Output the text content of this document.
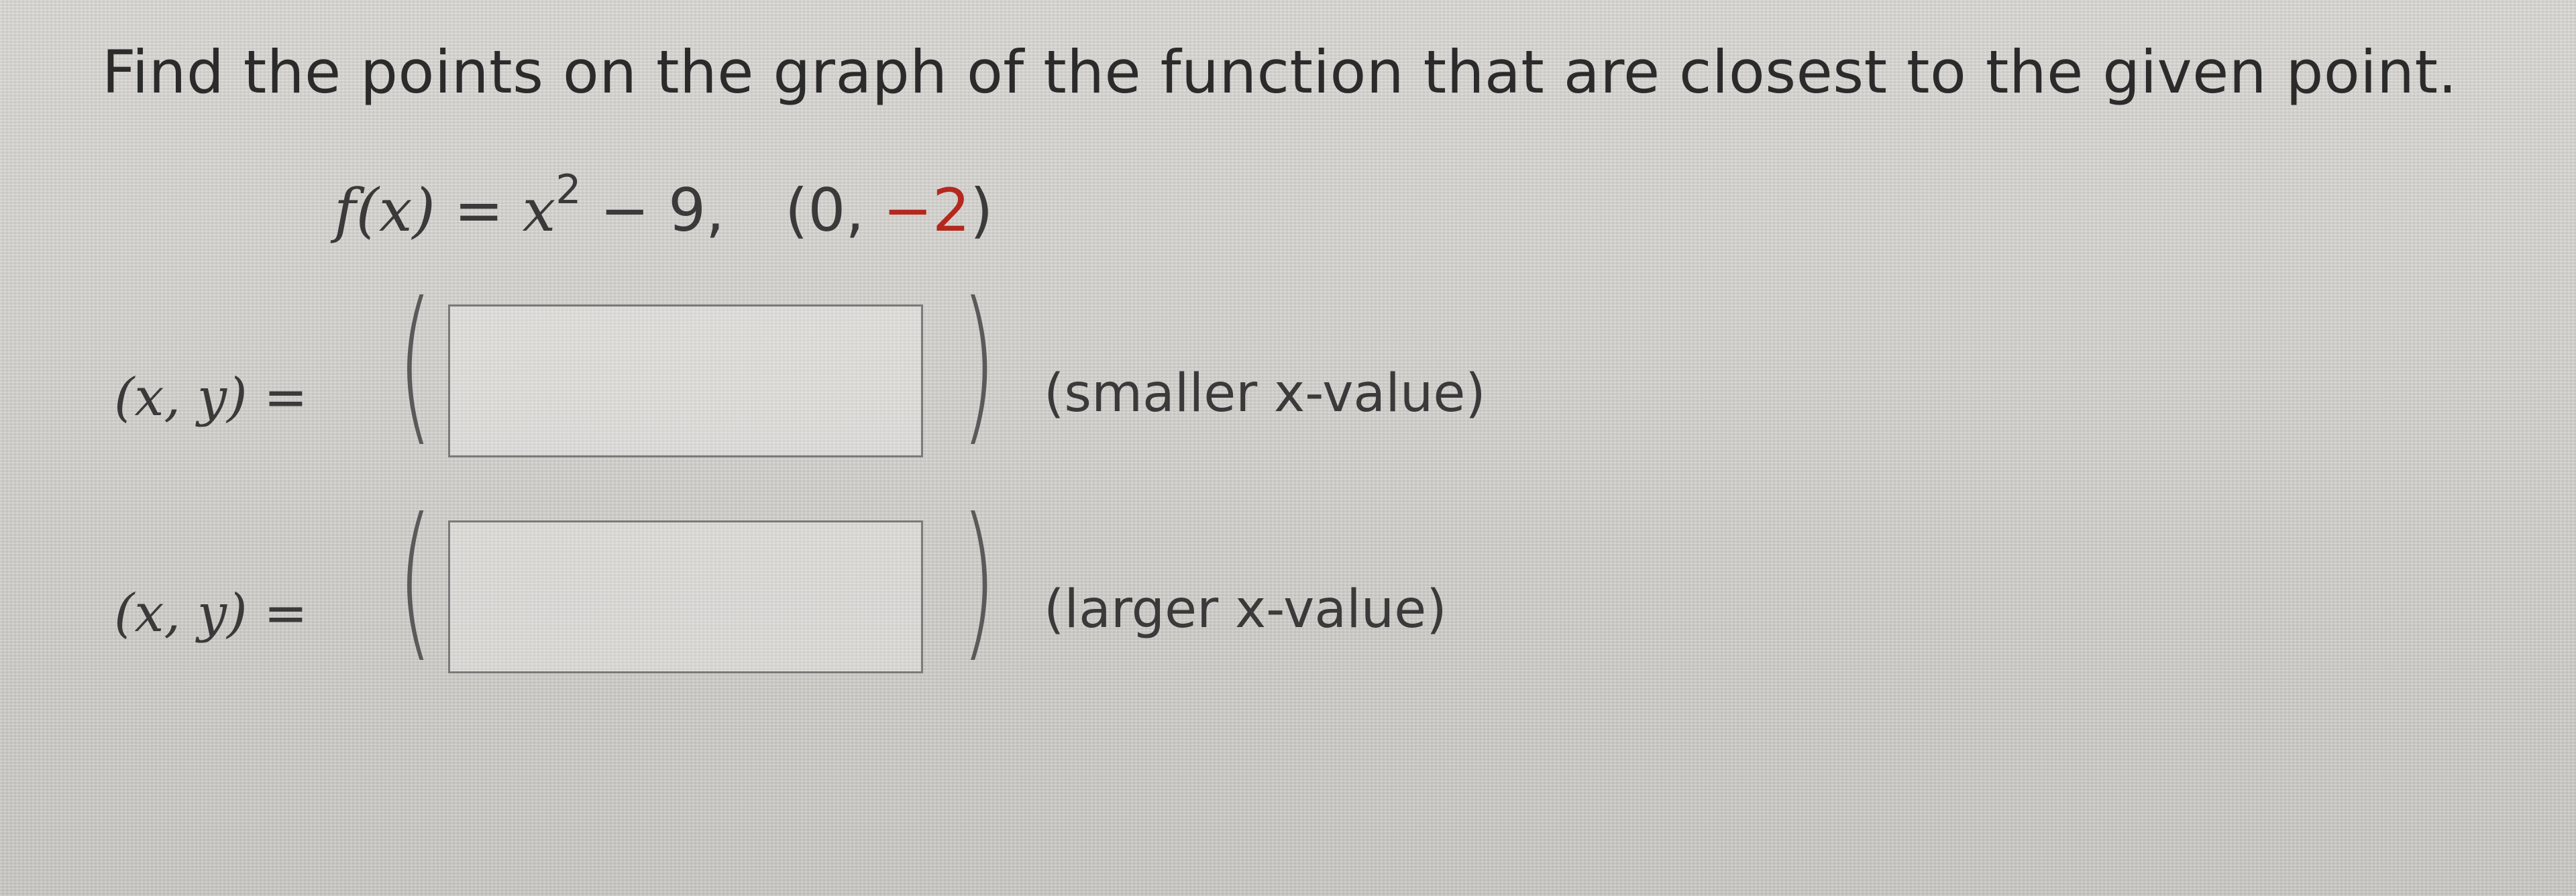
Find the points on the graph of the function that are closest to the given point.
$f(x) = x^2 - 9$, (0, −2)
(x, y) = (	) (smaller x-value)
(x, y) = (	) (larger x-value)
